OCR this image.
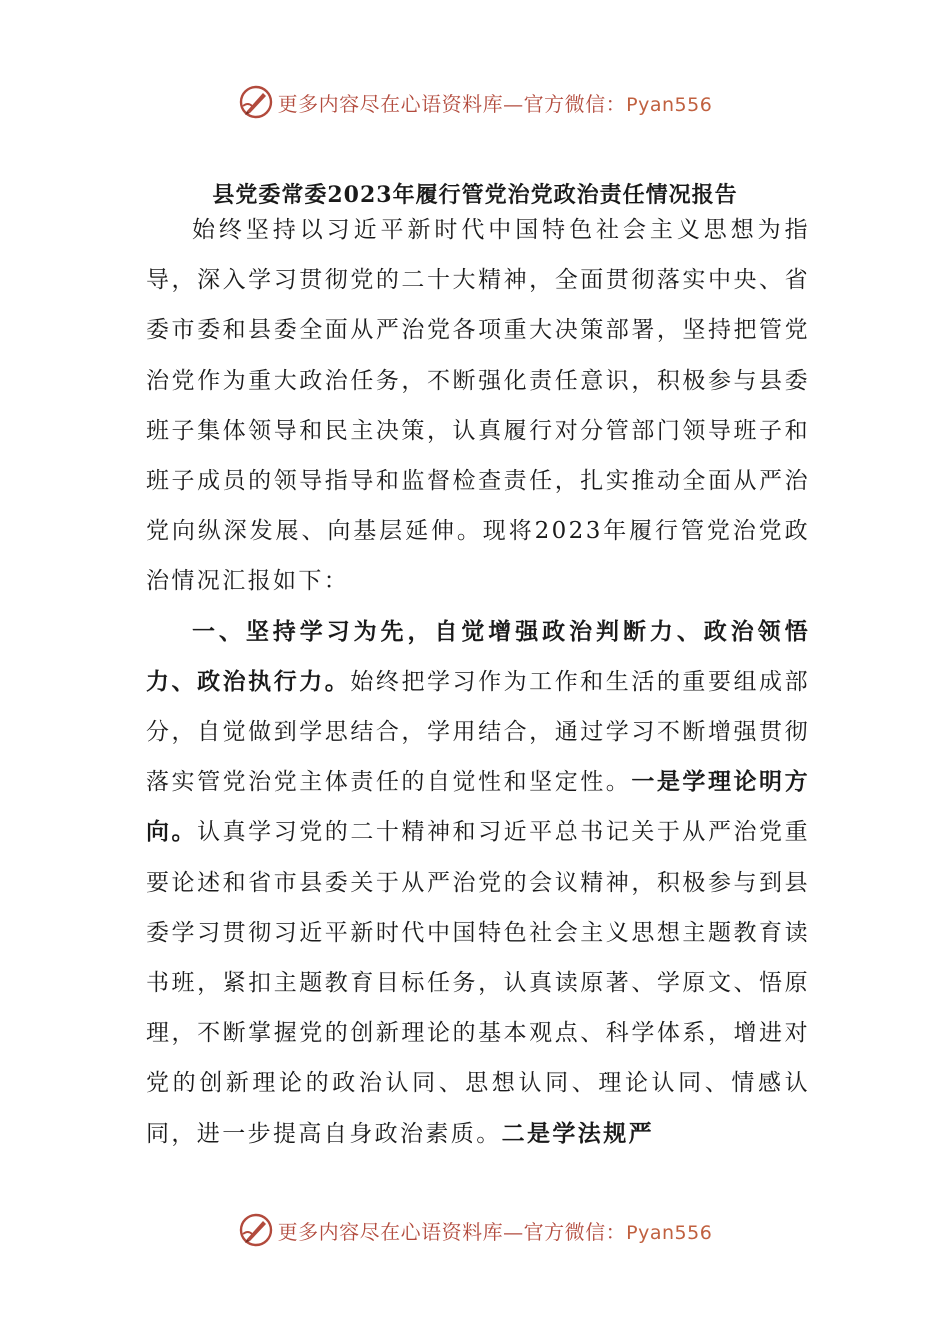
更多内容尽在心语资料库—官方微信：Pyan556
县党委常委2023年履行管党治党政治责任情况报告

始终坚持以习近平新时代中国特色社会主义思想为指导，深入学习贯彻党的二十大精神，全面贯彻落实中央、省委市委和县委全面从严治党各项重大决策部署，坚持把管党治党作为重大政治任务，不断强化责任意识，积极参与县委班子集体领导和民主决策，认真履行对分管部门领导班子和班子成员的领导指导和监督检查责任，扎实推动全面从严治党向纵深发展、向基层延伸。现将2023年履行管党治党政治情况汇报如下：

一、坚持学习为先，自觉增强政治判断力、政治领悟力、政治执行力。始终把学习作为工作和生活的重要组成部分，自觉做到学思结合，学用结合，通过学习不断增强贯彻落实管党治党主体责任的自觉性和坚定性。一是学理论明方向。认真学习党的二十精神和习近平总书记关于从严治党重要论述和省市县委关于从严治党的会议精神，积极参与到县委学习贯彻习近平新时代中国特色社会主义思想主题教育读书班，紧扣主题教育目标任务，认真读原著、学原文、悟原理，不断掌握党的创新理论的基本观点、科学体系，增进对党的创新理论的政治认同、思想认同、理论认同、情感认同，进一步提高自身政治素质。二是学法规严

更多内容尽在心语资料库—官方微信：Pyan556
